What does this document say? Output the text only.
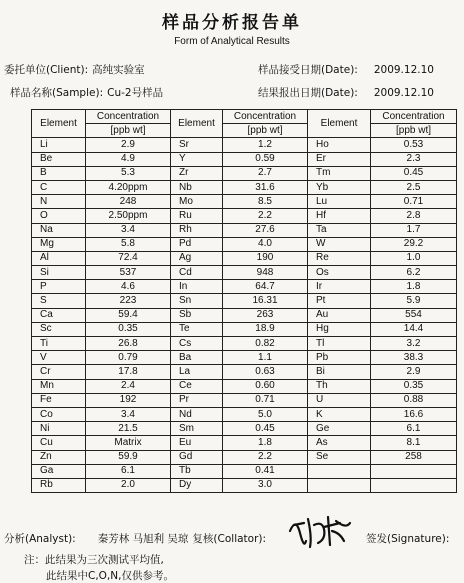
样品分析报告单
Form of Analytical Results
委托单位(Client): 高纯实验室	样品接受日期(Date): 2009.12.10
样品名称(Sample): Cu-2号样品	结果报出日期(Date): 2009.12.10
Element	Concentration	Element	Concentration	Element	Concentration
	[ppb wt]		[ppb wt]		[ppb wt]
Li	2.9	Sr	1.2	Ho	0.53
Be	4.9	Y	0.59	Er	2.3
B	5.3	Zr	2.7	Tm	0.45
C	4.20ppm	Nb	31.6	Yb	2.5
N	248	Mo	8.5	Lu	0.71
O	2.50ppm	Ru	2.2	Hf	2.8
Na	3.4	Rh	27.6	Ta	1.7
Mg	5.8	Pd	4.0	W	29.2
Al	72.4	Ag	190	Re	1.0
Si	537	Cd	948	Os	6.2
P	4.6	In	64.7	Ir	1.8
S	223	Sn	16.31	Pt	5.9
Ca	59.4	Sb	263	Au	554
Sc	0.35	Te	18.9	Hg	14.4
Ti	26.8	Cs	0.82	Tl	3.2
V	0.79	Ba	1.1	Pb	38.3
Cr	17.8	La	0.63	Bi	2.9
Mn	2.4	Ce	0.60	Th	0.35
Fe	192	Pr	0.71	U	0.88
Co	3.4	Nd	5.0	K	16.6
Ni	21.5	Sm	0.45	Ge	6.1
Cu	Matrix	Eu	1.8	As	8.1
Zn	59.9	Gd	2.2	Se	258
Ga	6.1	Tb	0.41		
Rb	2.0	Dy	3.0		
分析(Analyst): 秦芳林 马旭利 吴琼 复核(Collator):	签发(Signature):
注：此结果为三次测试平均值,
此结果中C,O,N,仅供参考。
